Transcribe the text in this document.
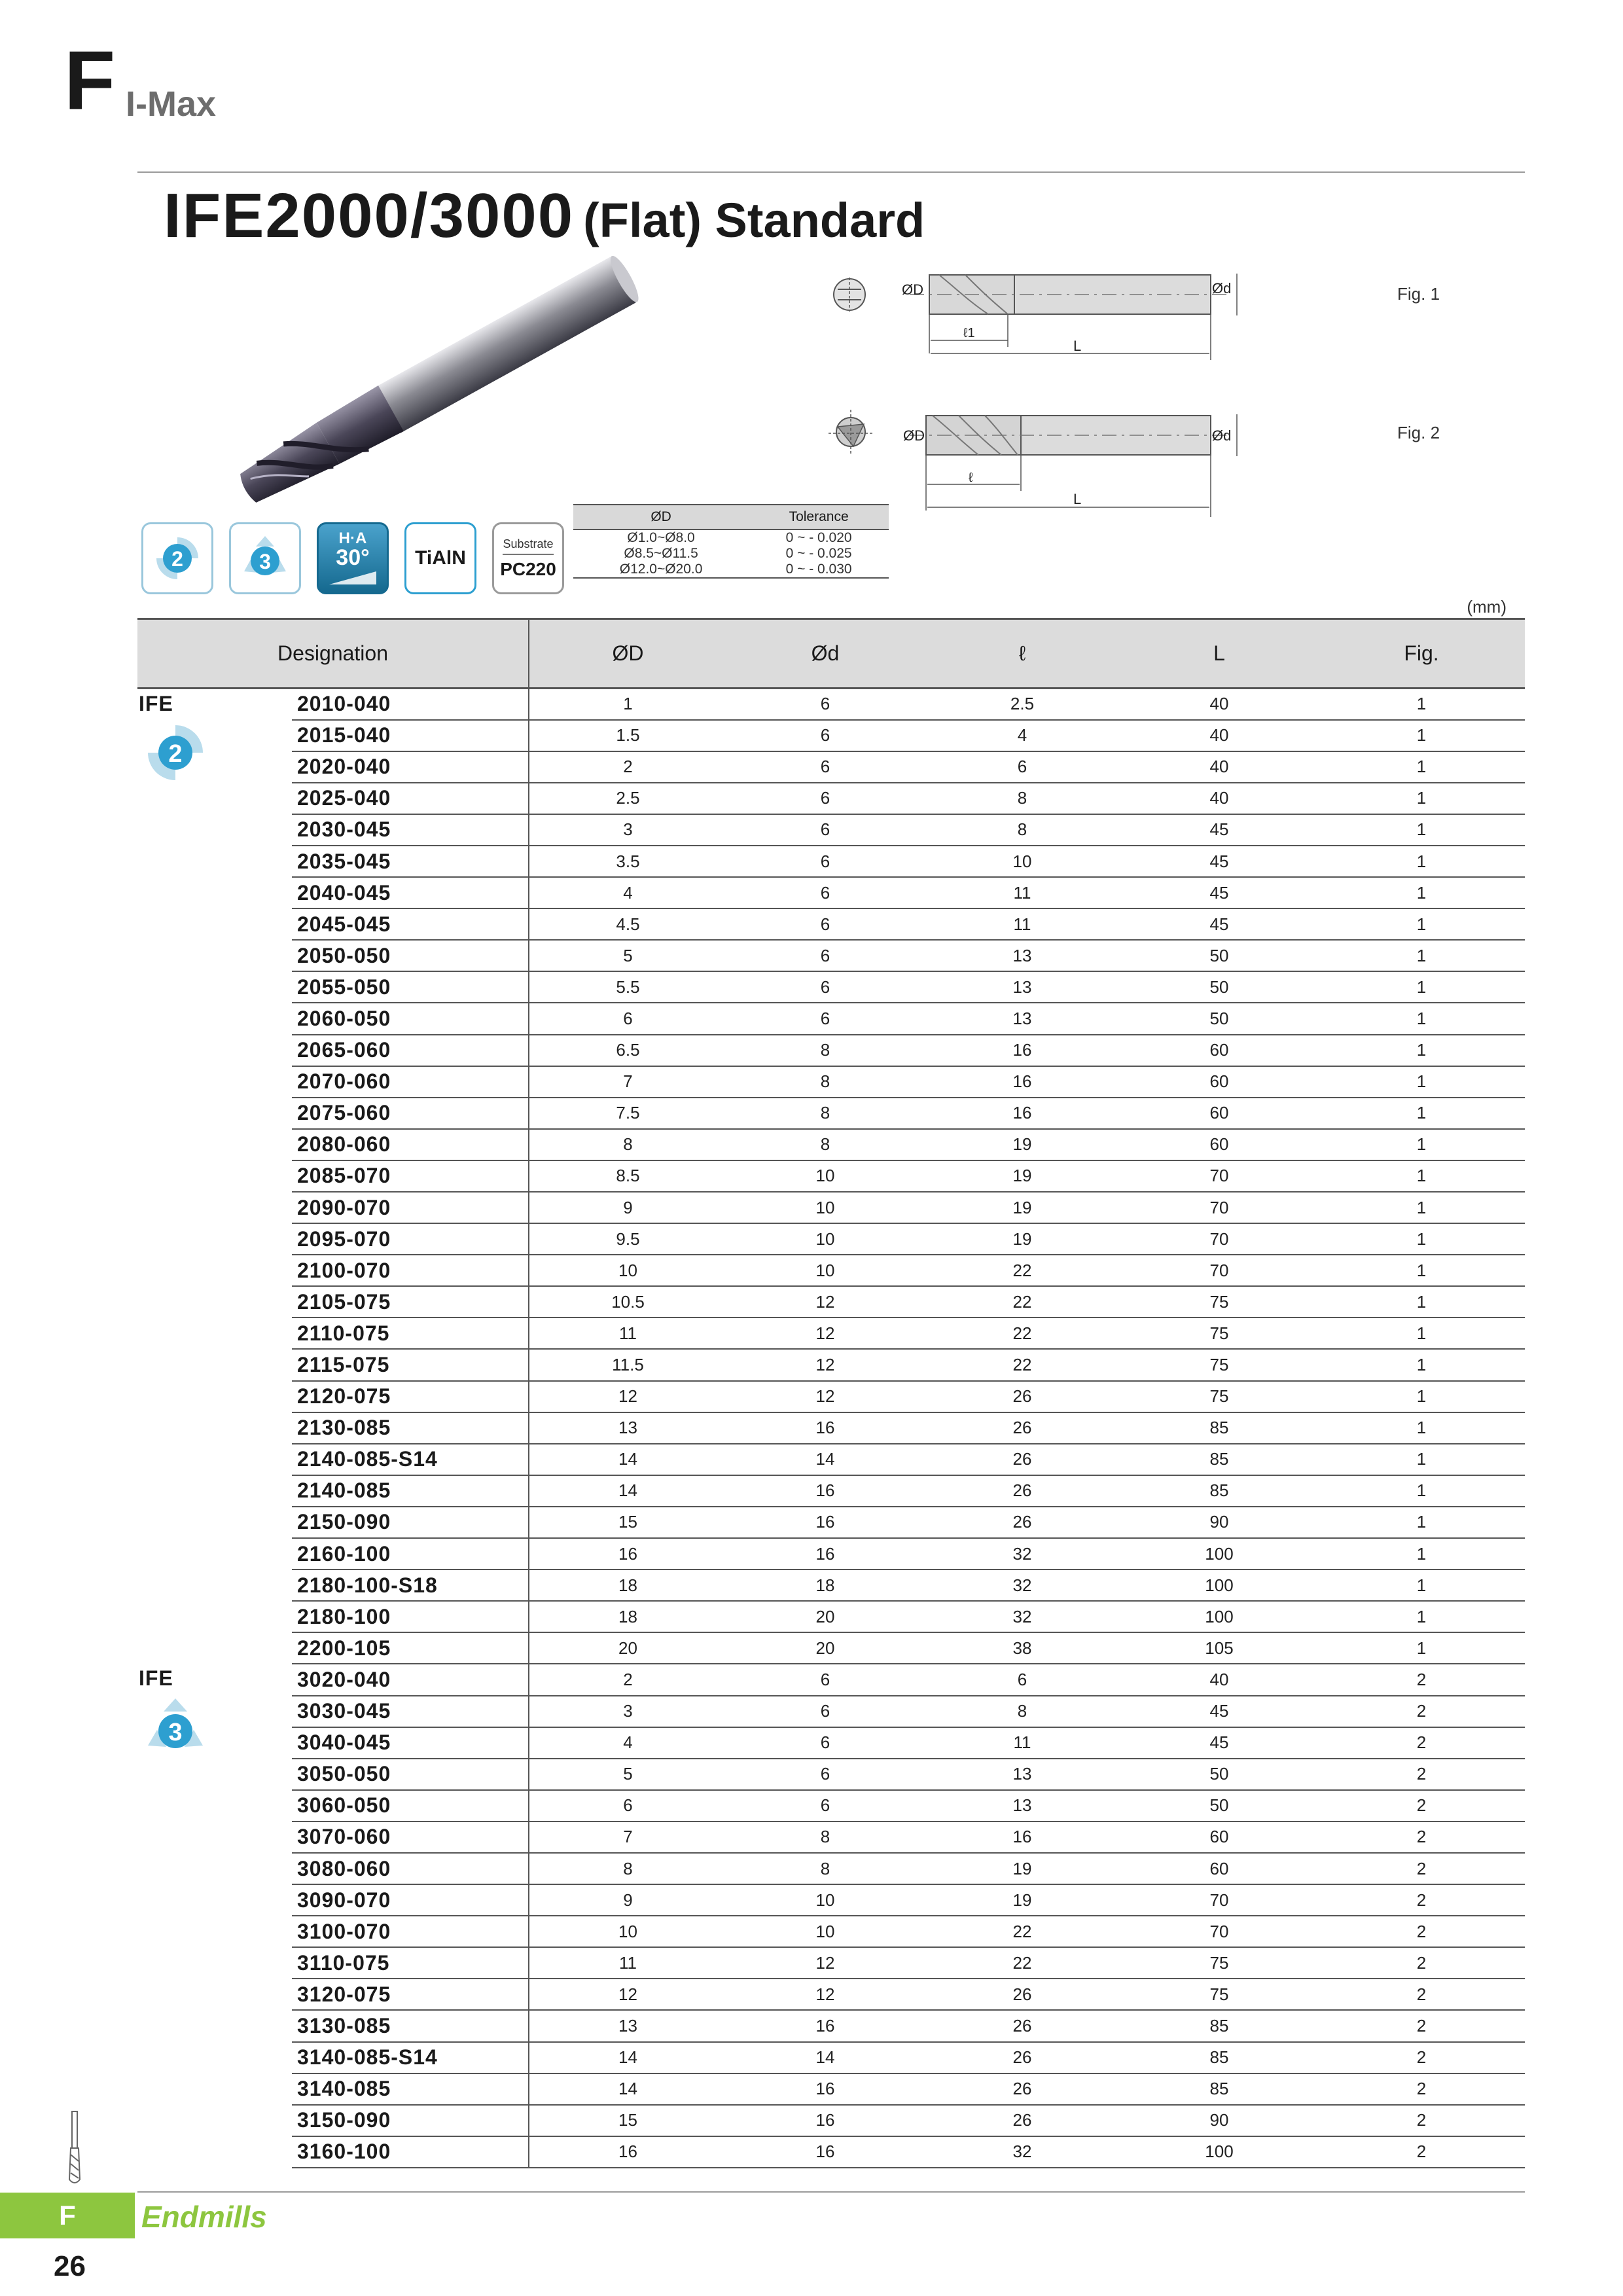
F I-Max
IFE2000/3000 (Flat) Standard
ØD	Ød
ℓ1
L
Fig. 1
ØD	Ød
ℓ
L
Fig. 2
2	3
H·A
30°	TiAlN
Substrate
PC220
ØD	Tolerance
Ø1.0~Ø8.0	0 ~ - 0.020
Ø8.5~Ø11.5	0 ~ - 0.025
Ø12.0~Ø20.0	0 ~ - 0.030
(mm)
Designation		ØD	Ød	ℓ	L	Fig.

IFE
2	2010-040	1	6	2.5	40	1
	2015-040	1.5	6	4	40	1
	2020-040	2	6	6	40	1
	2025-040	2.5	6	8	40	1
	2030-045	3	6	8	45	1
	2035-045	3.5	6	10	45	1
	2040-045	4	6	11	45	1
	2045-045	4.5	6	11	45	1
	2050-050	5	6	13	50	1
	2055-050	5.5	6	13	50	1
	2060-050	6	6	13	50	1
	2065-060	6.5	8	16	60	1
	2070-060	7	8	16	60	1
	2075-060	7.5	8	16	60	1
	2080-060	8	8	19	60	1
	2085-070	8.5	10	19	70	1
	2090-070	9	10	19	70	1
	2095-070	9.5	10	19	70	1
	2100-070	10	10	22	70	1
	2105-075	10.5	12	22	75	1
	2110-075	11	12	22	75	1
	2115-075	11.5	12	22	75	1
	2120-075	12	12	26	75	1
	2130-085	13	16	26	85	1
	2140-085-S14	14	14	26	85	1
	2140-085	14	16	26	85	1
	2150-090	15	16	26	90	1
	2160-100	16	16	32	100	1
	2180-100-S18	18	18	32	100	1
	2180-100	18	20	32	100	1
	2200-105	20	20	38	105	1

IFE
3	3020-040	2	6	6	40	2
	3030-045	3	6	8	45	2
	3040-045	4	6	11	45	2
	3050-050	5	6	13	50	2
	3060-050	6	6	13	50	2
	3070-060	7	8	16	60	2
	3080-060	8	8	19	60	2
	3090-070	9	10	19	70	2
	3100-070	10	10	22	70	2
	3110-075	11	12	22	75	2
	3120-075	12	12	26	75	2
	3130-085	13	16	26	85	2
	3140-085-S14	14	14	26	85	2
	3140-085	14	16	26	85	2
	3150-090	15	16	26	90	2
	3160-100	16	16	32	100	2
F	Endmills
26
